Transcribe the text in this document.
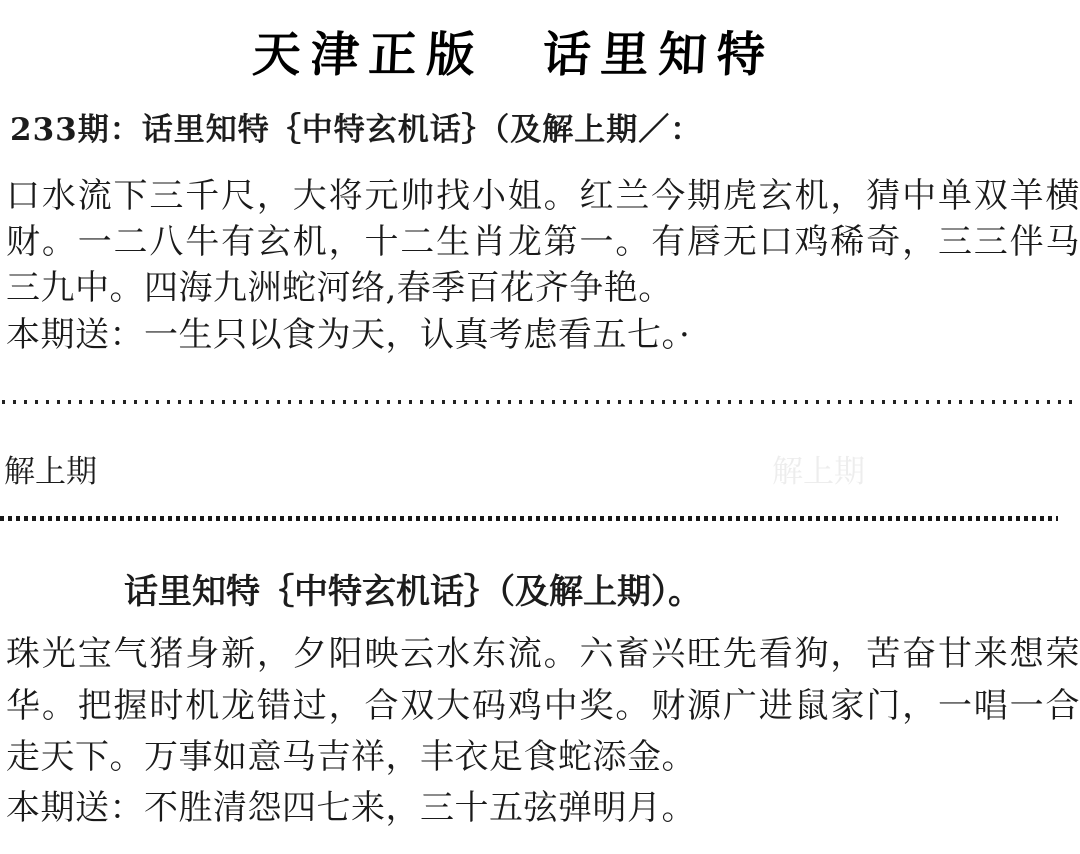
天津正版　话里知特
233期：话里知特｛中特玄机话｝（及解上期／：
口水流下三千尺，大将元帅找小姐。红兰今期虎玄机，猜中单双羊横
财。一二八牛有玄机，十二生肖龙第一。有唇无口鸡稀奇，三三伴马
三九中。四海九洲蛇河络,春季百花齐争艳。
本期送：一生只以食为天，认真考虑看五七。·
解上期	解上期
话里知特｛中特玄机话｝（及解上期）。
珠光宝气猪身新，夕阳映云水东流。六畜兴旺先看狗，苦奋甘来想荣
华。把握时机龙错过，合双大码鸡中奖。财源广进鼠家门，一唱一合
走天下。万事如意马吉祥，丰衣足食蛇添金。
本期送：不胜清怨四七来，三十五弦弹明月。
